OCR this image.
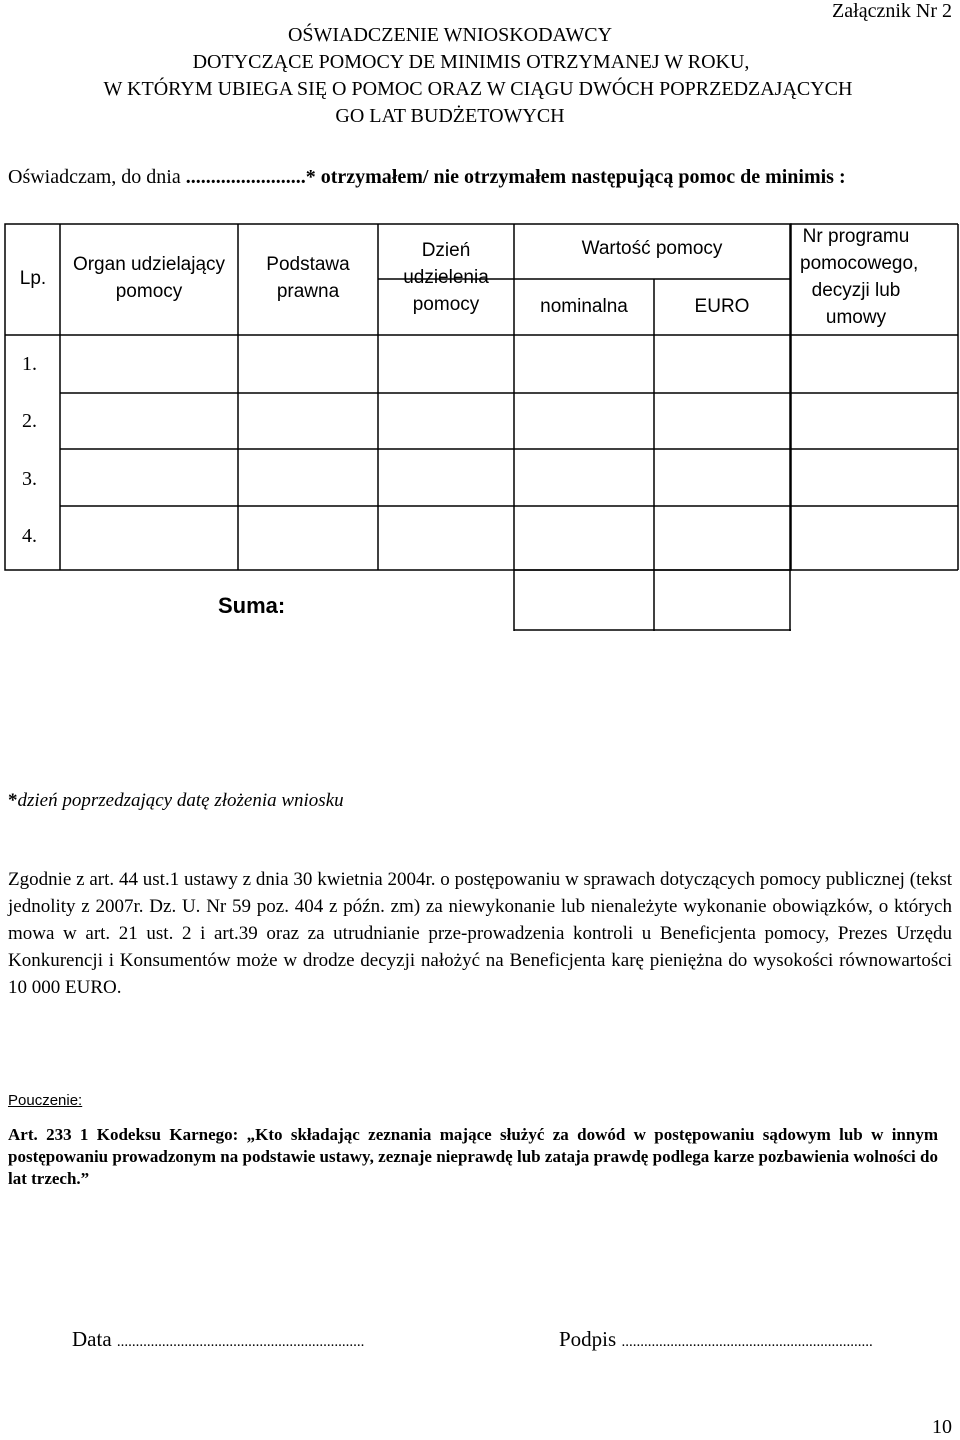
Załącznik Nr 2
OŚWIADCZENIE WNIOSKODAWCY
DOTYCZĄCE POMOCY DE MINIMIS OTRZYMANEJ W ROKU,
W KTÓRYM UBIEGA SIĘ O POMOC ORAZ W CIĄGU DWÓCH POPRZEDZAJĄCYCH
GO LAT BUDŻETOWYCH
Oświadczam, do dnia ........................* otrzymałem/ nie otrzymałem następującą pomoc de minimis :
Lp.
Organ udzielający pomocy
Podstawa prawna
Dzień udzielenia pomocy
Wartość pomocy
nominalna	EURO
Nr programu pomocowego, decyzji lub umowy
1.
2.
3.
4.
Suma:
*dzień poprzedzający datę złożenia wniosku

Zgodnie z art. 44 ust.1 ustawy z dnia 30 kwietnia 2004r. o postępowaniu w sprawach dotyczących pomocy publicznej (tekst jednolity z 2007r. Dz. U. Nr 59 poz. 404 z późn. zm) za niewykonanie lub nienależyte wykonanie obowiązków, o których mowa w art. 21 ust. 2 i art.39 oraz za utrudnianie prze-prowadzenia kontroli u Beneficjenta pomocy, Prezes Urzędu Konkurencji i Konsumentów może w drodze decyzji nałożyć na Beneficjenta karę pieniężna do wysokości równowartości 10 000 EURO.

Pouczenie:
Art. 233 1 Kodeksu Karnego: „Kto składając zeznania mające służyć za dowód w postępowaniu sądowym lub w innym postępowaniu prowadzonym na podstawie ustawy, zeznaje nieprawdę lub zataja prawdę podlega karze pozbawienia wolności do lat trzech.”
Data ..................................................................	Podpis ...................................................................
10
